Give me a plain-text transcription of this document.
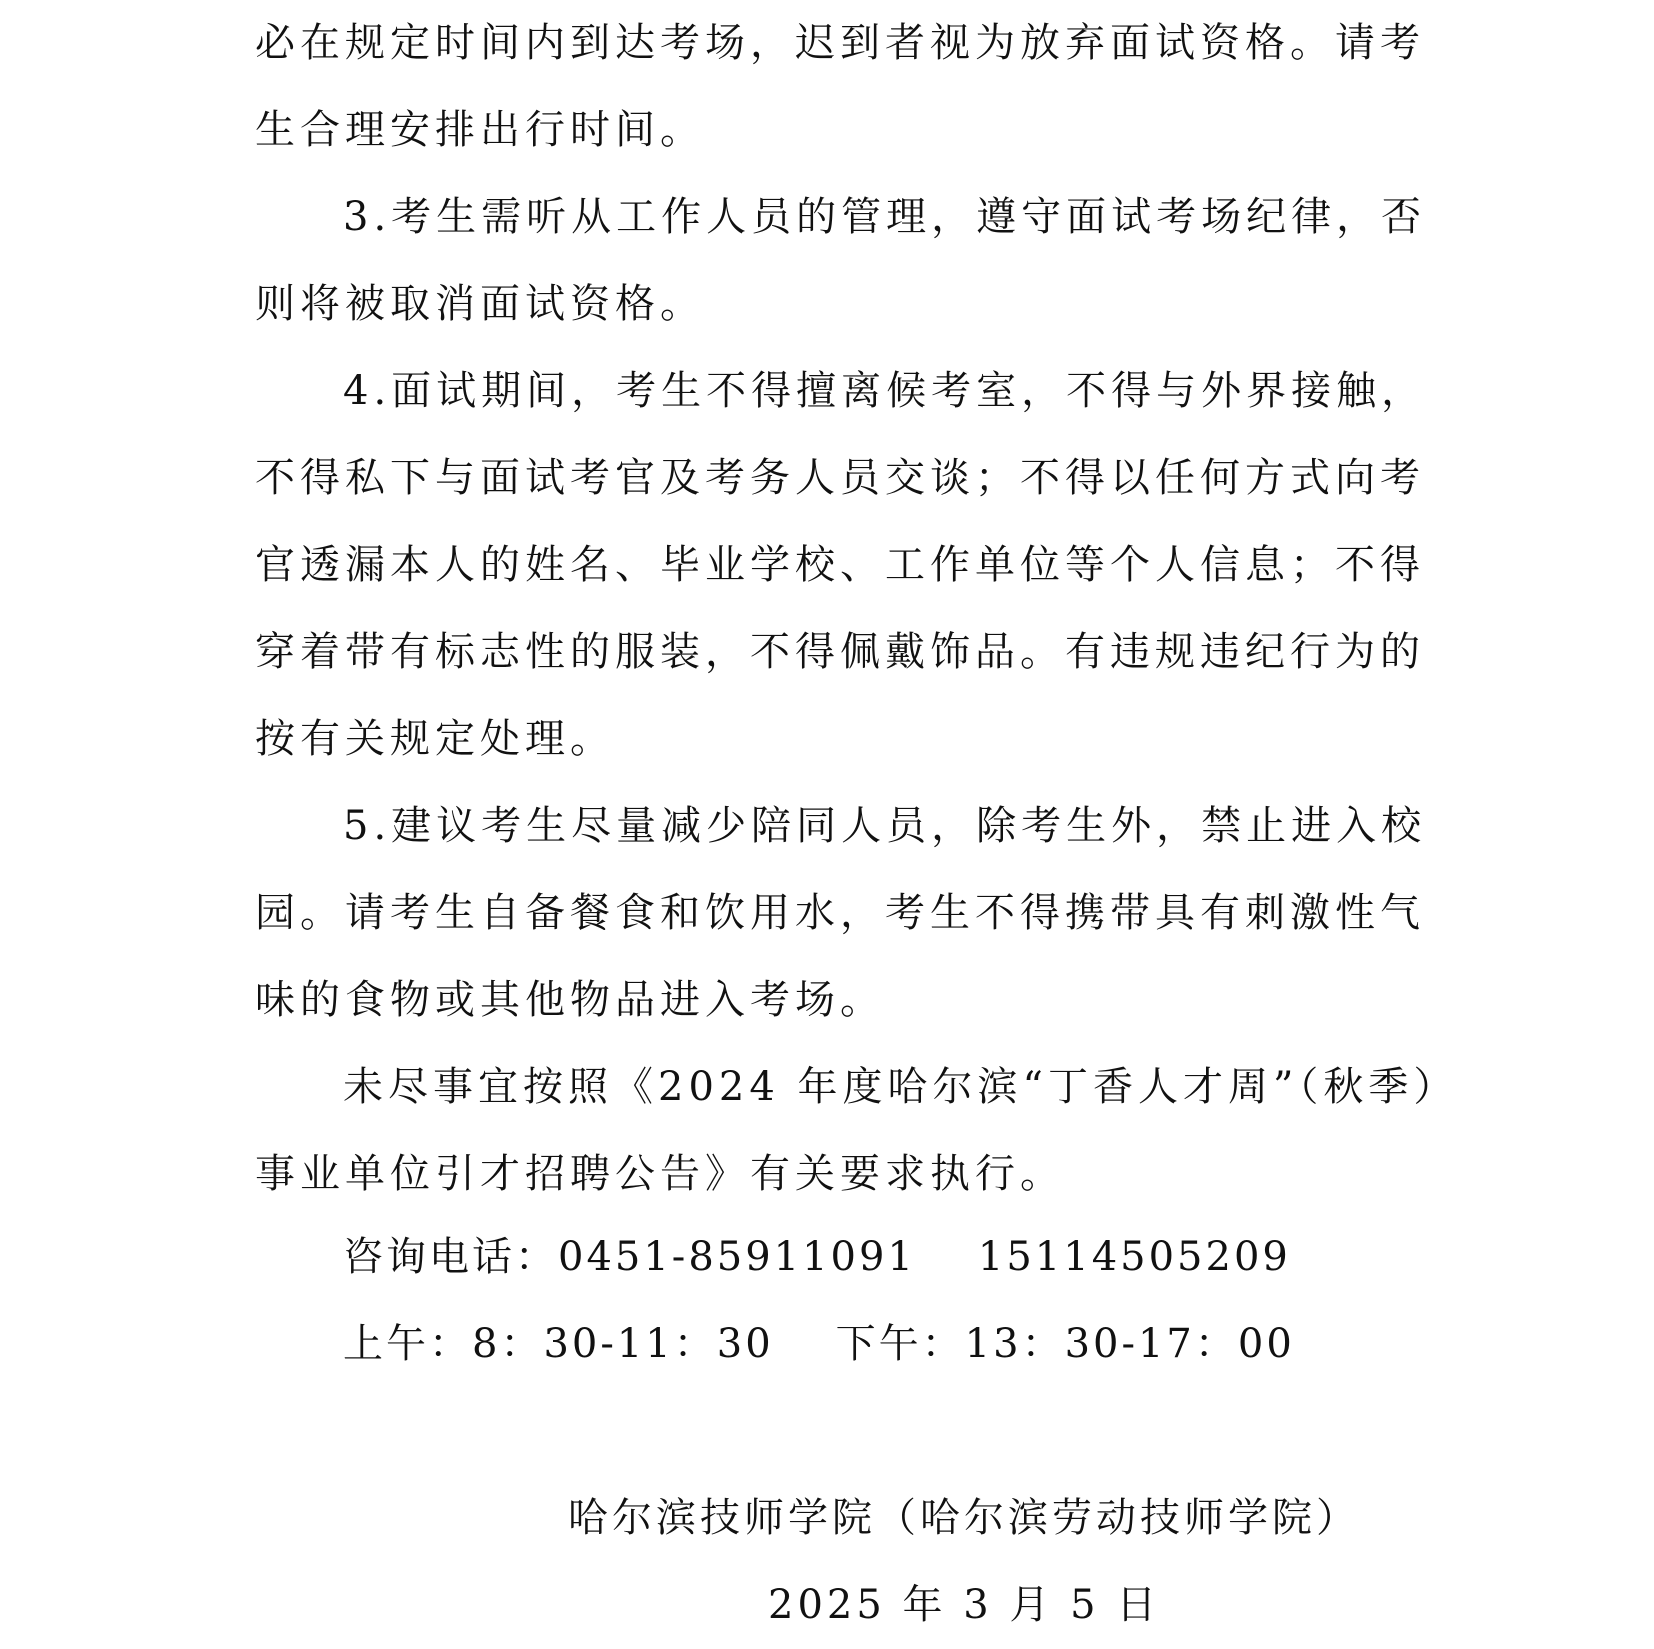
必在规定时间内到达考场，迟到者视为放弃面试资格。请考
生合理安排出行时间。

3.考生需听从工作人员的管理，遵守面试考场纪律，否
则将被取消面试资格。

4.面试期间，考生不得擅离候考室，不得与外界接触，
不得私下与面试考官及考务人员交谈；不得以任何方式向考
官透漏本人的姓名、毕业学校、工作单位等个人信息；不得
穿着带有标志性的服装，不得佩戴饰品。有违规违纪行为的
按有关规定处理。

5.建议考生尽量减少陪同人员，除考生外，禁止进入校
园。请考生自备餐食和饮用水，考生不得携带具有刺激性气
味的食物或其他物品进入考场。

未尽事宜按照《2024 年度哈尔滨“丁香人才周”（秋季）
事业单位引才招聘公告》有关要求执行。

咨询电话：0451-85911091 15114505209
上午：8：30-11：30 下午：13：30-17：00
哈尔滨技师学院（哈尔滨劳动技师学院）
2025 年 3 月 5 日
